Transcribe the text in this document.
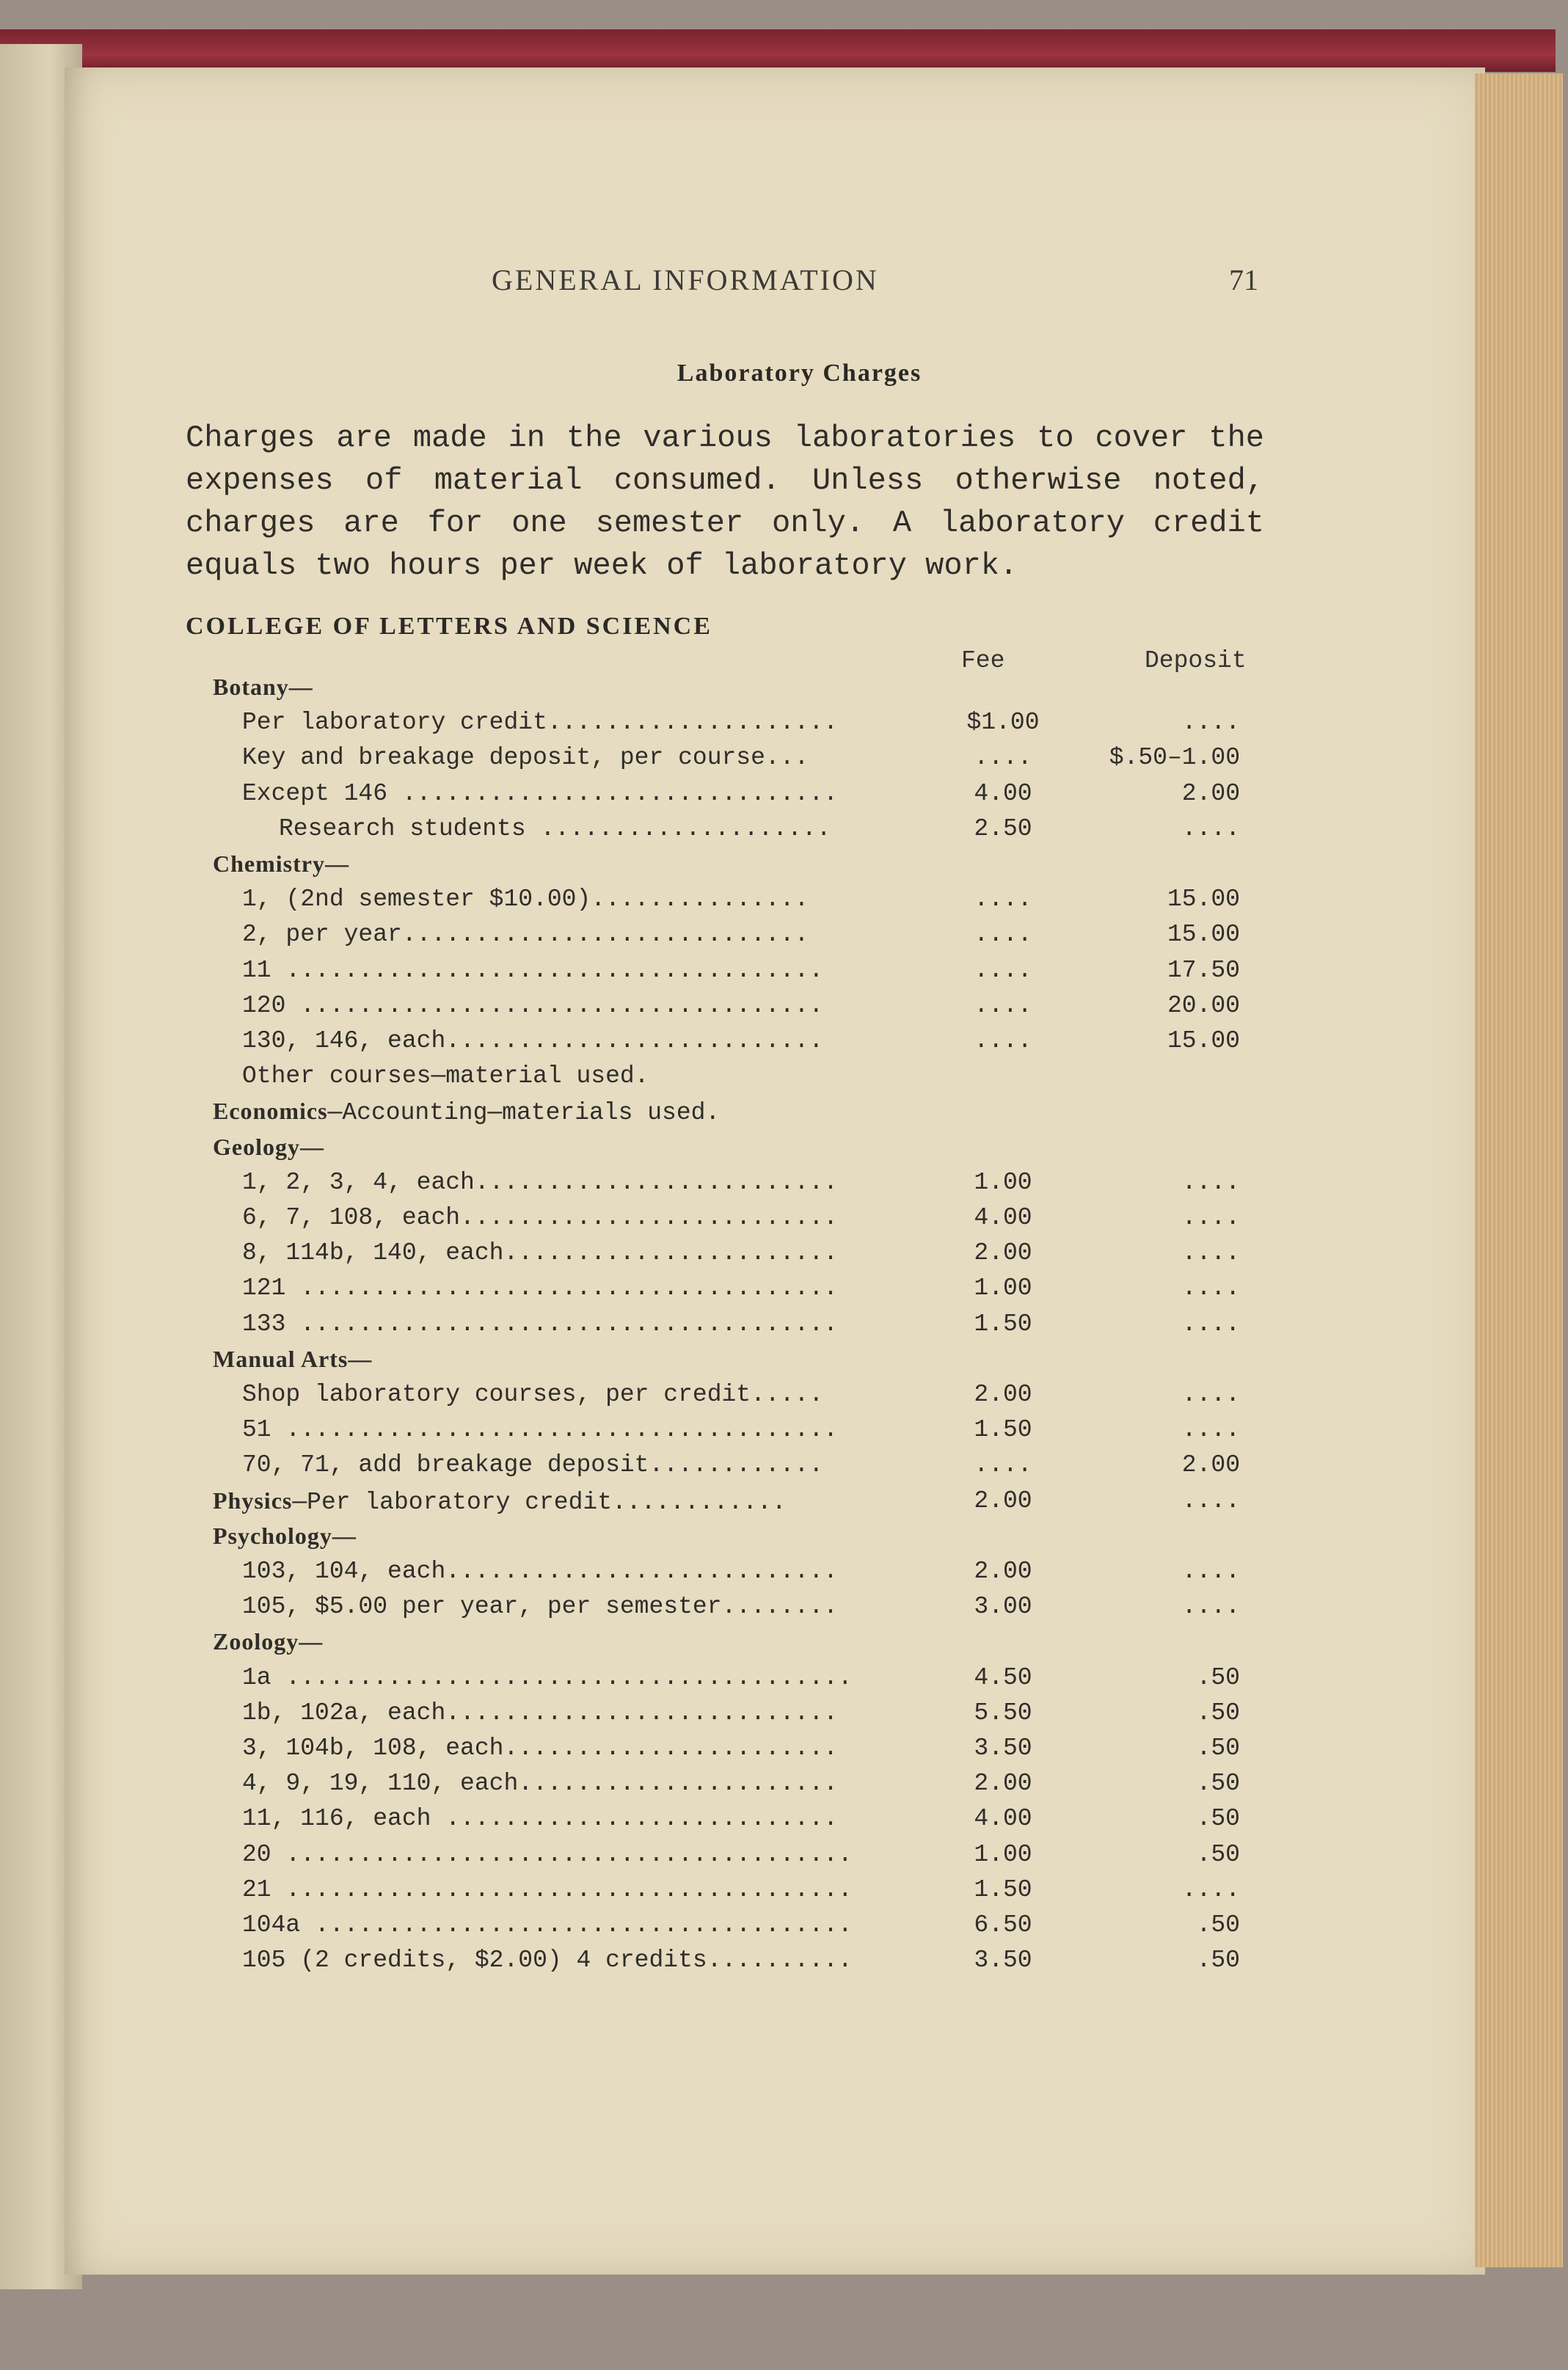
GENERAL INFORMATION	71
Laboratory Charges
Charges are made in the various laboratories to cover the expenses of material consumed. Unless otherwise noted, charges are for one semester only. A laboratory credit equals two hours per week of laboratory work.
COLLEGE OF LETTERS AND SCIENCE
Fee	Deposit
Botany—
Per laboratory credit....................	$1.00	....
Key and breakage deposit, per course...	....	$.50–1.00
Except 146 ..............................	4.00	2.00
Research students ....................	2.50	....
Chemistry—
1, (2nd semester $10.00)...............	....	15.00
2, per year............................	....	15.00
11 .....................................	....	17.50
120 ....................................	....	20.00
130, 146, each..........................	....	15.00
Other courses—material used.
Economics—Accounting—materials used.
Geology—
1, 2, 3, 4, each.........................	1.00	....
6, 7, 108, each..........................	4.00	....
8, 114b, 140, each.......................	2.00	....
121 .....................................	1.00	....
133 .....................................	1.50	....
Manual Arts—
Shop laboratory courses, per credit.....	2.00	....
51 ......................................	1.50	....
70, 71, add breakage deposit............	....	2.00
Physics—Per laboratory credit............	2.00	....
Psychology—
103, 104, each...........................	2.00	....
105, $5.00 per year, per semester........	3.00	....
Zoology—
1a .......................................	4.50	.50
1b, 102a, each...........................	5.50	.50
3, 104b, 108, each.......................	3.50	.50
4, 9, 19, 110, each......................	2.00	.50
11, 116, each ...........................	4.00	.50
20 .......................................	1.00	.50
21 .......................................	1.50	....
104a .....................................	6.50	.50
105 (2 credits, $2.00) 4 credits..........	3.50	.50
